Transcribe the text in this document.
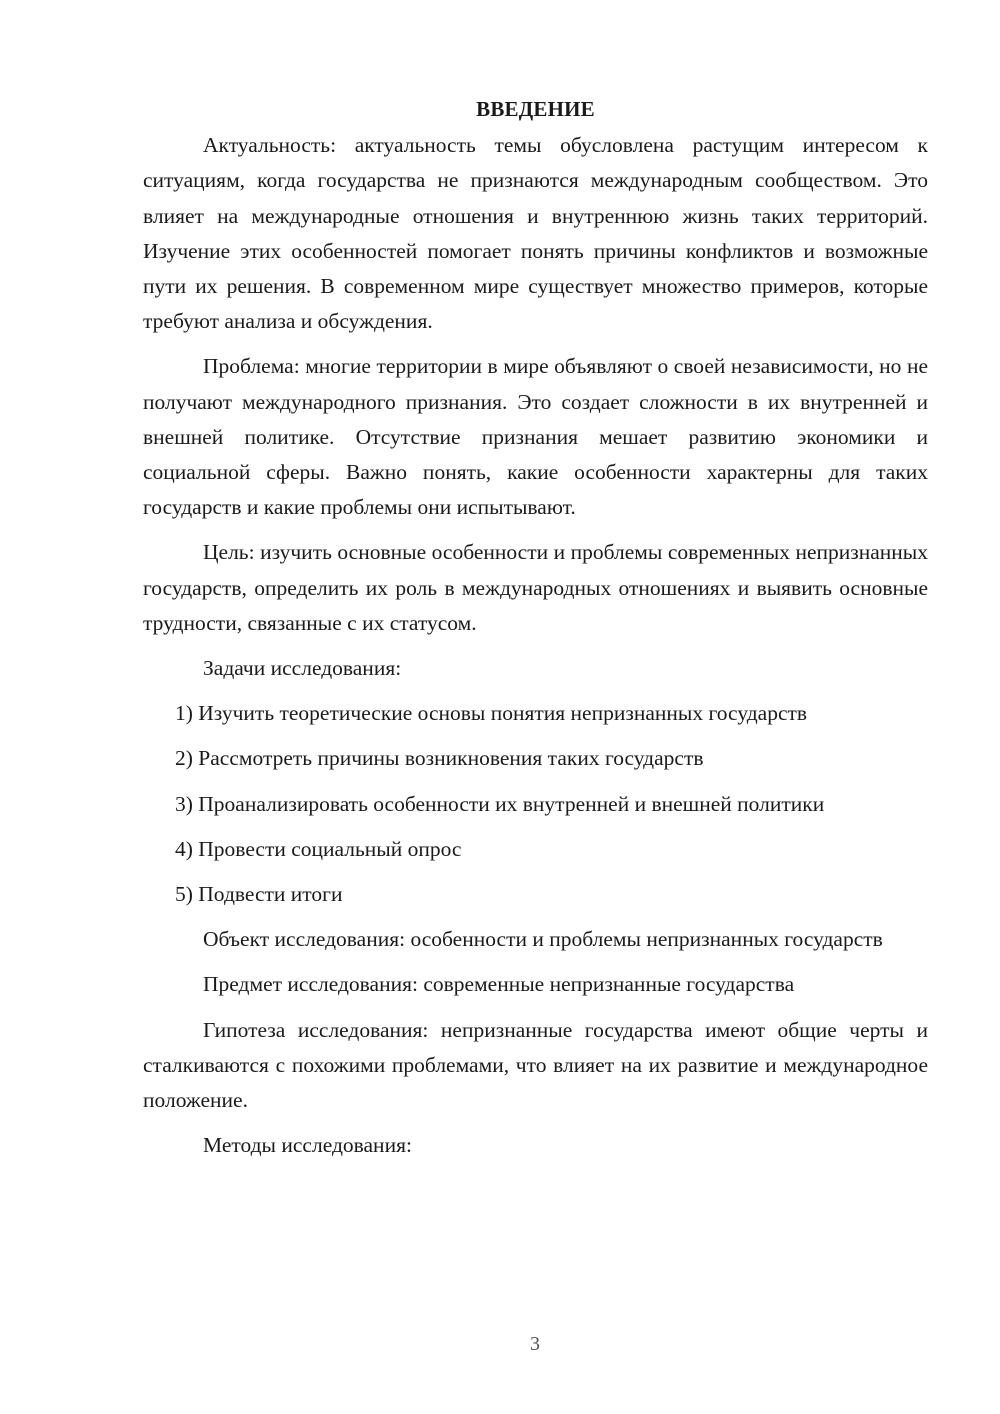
ВВЕДЕНИЕ

Актуальность: актуальность темы обусловлена растущим интересом к ситуациям, когда государства не признаются международным сообществом. Это влияет на международные отношения и внутреннюю жизнь таких территорий. Изучение этих особенностей помогает понять причины конфликтов и возможные пути их решения. В современном мире существует множество примеров, которые требуют анализа и обсуждения.

Проблема: многие территории в мире объявляют о своей независимости, но не получают международного признания. Это создает сложности в их внутренней и внешней политике. Отсутствие признания мешает развитию экономики и социальной сферы. Важно понять, какие особенности характерны для таких государств и какие проблемы они испытывают.

Цель: изучить основные особенности и проблемы современных непризнанных государств, определить их роль в международных отношениях и выявить основные трудности, связанные с их статусом.

Задачи исследования:

1) Изучить теоретические основы понятия непризнанных государств

2) Рассмотреть причины возникновения таких государств

3) Проанализировать особенности их внутренней и внешней политики

4) Провести социальный опрос

5) Подвести итоги

Объект исследования: особенности и проблемы непризнанных государств

Предмет исследования: современные непризнанные государства

Гипотеза исследования: непризнанные государства имеют общие черты и сталкиваются с похожими проблемами, что влияет на их развитие и международное положение.

Методы исследования:

3
